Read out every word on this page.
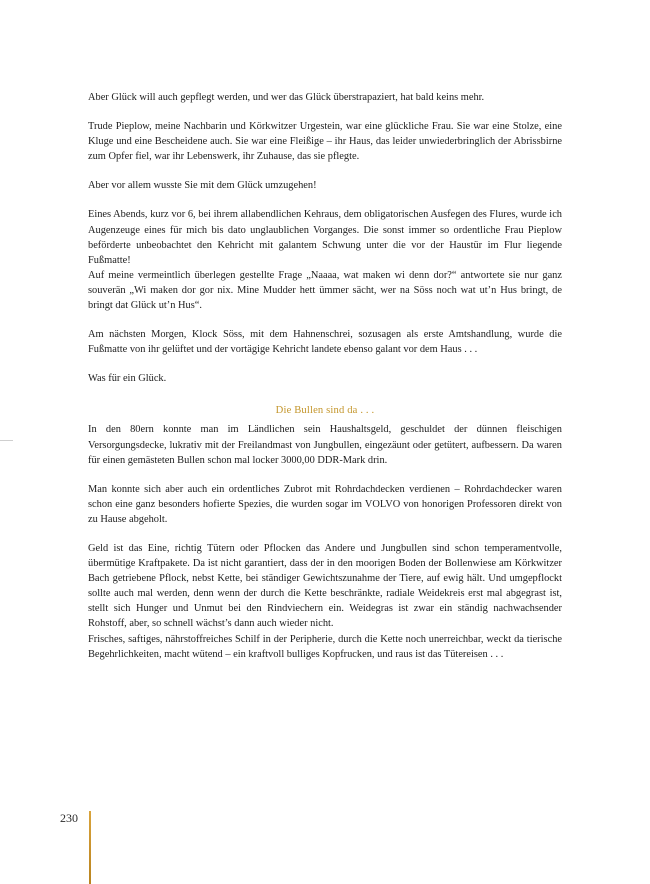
Aber Glück will auch gepflegt werden, und wer das Glück überstrapaziert, hat bald keins mehr.

Trude Pieplow, meine Nachbarin und Körkwitzer Urgestein, war eine glückliche Frau. Sie war eine Stolze, eine Kluge und eine Bescheidene auch. Sie war eine Fleißige – ihr Haus, das leider unwiederbringlich der Abrissbirne zum Opfer fiel, war ihr Lebenswerk, ihr Zuhause, das sie pflegte.

Aber vor allem wusste Sie mit dem Glück umzugehen!

Eines Abends, kurz vor 6, bei ihrem allabendlichen Kehraus, dem obligatorischen Ausfegen des Flures, wurde ich Augenzeuge eines für mich bis dato unglaublichen Vorganges. Die sonst immer so ordentliche Frau Pieplow beförderte unbeobachtet den Kehricht mit galantem Schwung unter die vor der Haustür im Flur liegende Fußmatte!

Auf meine vermeintlich überlegen gestellte Frage „Naaaa, wat maken wi denn dor?“ antwortete sie nur ganz souverän „Wi maken dor gor nix. Mine Mudder hett ümmer sächt, wer na Söss noch wat ut’n Hus bringt, de bringt dat Glück ut’n Hus“.

Am nächsten Morgen, Klock Söss, mit dem Hahnenschrei, sozusagen als erste Amtshandlung, wurde die Fußmatte von ihr gelüftet und der vortägige Kehricht landete ebenso galant vor dem Haus . . .

Was für ein Glück.

Die Bullen sind da . . .

In den 80ern konnte man im Ländlichen sein Haushaltsgeld, geschuldet der dünnen fleischigen Versorgungsdecke, lukrativ mit der Freilandmast von Jungbullen, eingezäunt oder getütert, aufbessern. Da waren für einen gemästeten Bullen schon mal locker 3000,00 DDR-Mark drin.

Man konnte sich aber auch ein ordentliches Zubrot mit Rohrdachdecken verdienen – Rohrdachdecker waren schon eine ganz besonders hofierte Spezies, die wurden sogar im VOLVO von honorigen Professoren direkt von zu Hause abgeholt.

Geld ist das Eine, richtig Tütern oder Pflocken das Andere und Jungbullen sind schon temperamentvolle, übermütige Kraftpakete. Da ist nicht garantiert, dass der in den moorigen Boden der Bollenwiese am Körkwitzer Bach getriebene Pflock, nebst Kette, bei ständiger Gewichtszunahme der Tiere, auf ewig hält. Und umgepflockt sollte auch mal werden, denn wenn der durch die Kette beschränkte, radiale Weidekreis erst mal abgegrast ist, stellt sich Hunger und Unmut bei den Rindviechern ein. Weidegras ist zwar ein ständig nachwachsender Rohstoff, aber, so schnell wächst’s dann auch wieder nicht.

Frisches, saftiges, nährstoffreiches Schilf in der Peripherie, durch die Kette noch unerreichbar, weckt da tierische Begehrlichkeiten, macht wütend – ein kraftvoll bulliges Kopfrucken, und raus ist das Tütereisen . . .

230
